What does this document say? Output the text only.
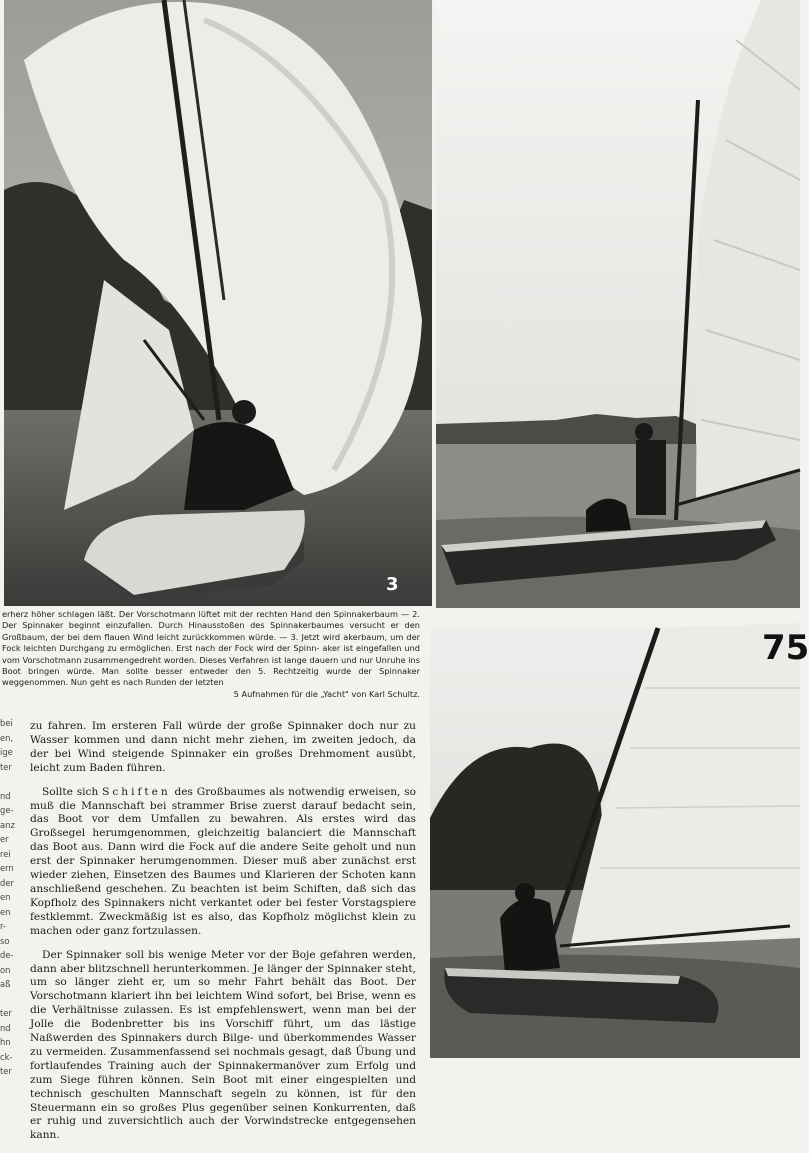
3
75
erherz höher schlagen läßt. Der Vorschotmann lüftet mit der rechten Hand den Spinnakerbaum — 2. Der Spinnaker beginnt einzufallen. Durch Hinausstoßen des Spinnakerbaumes versucht er den Großbaum, der bei dem flauen Wind leicht zurückkommen würde. — 3. Jetzt wird akerbaum, um der Fock leichten Durchgang zu ermöglichen. Erst nach der Fock wird der Spinn- aker ist eingefallen und vom Vorschotmann zusammengedreht worden. Dieses Verfahren ist lange dauern und nur Unruhe ins Boot bringen würde. Man sollte besser entweder den 5. Rechtzeitig wurde der Spinnaker weggenommen. Nun geht es nach Runden der letzten
5 Aufnahmen für die „Yacht" von Karl Schultz.
bei
en,
ige
ter

nd
ge-
anz
er
rei
ern
der
en
en
r-
so
de-
on
aß

ter
nd
hn
ck-
ter

zu fahren. Im ersteren Fall würde der große Spinnaker doch nur zu Wasser kommen und dann nicht mehr ziehen, im zweiten jedoch, da der bei Wind steigende Spinnaker ein großes Drehmoment ausübt, leicht zum Baden führen.

Sollte sich Schiften des Großbaumes als notwendig erweisen, so muß die Mannschaft bei strammer Brise zuerst darauf bedacht sein, das Boot vor dem Umfallen zu bewahren. Als erstes wird das Großsegel herumgenommen, gleichzeitig balanciert die Mannschaft das Boot aus. Dann wird die Fock auf die andere Seite geholt und nun erst der Spinnaker herumgenommen. Dieser muß aber zunächst erst wieder ziehen, Einsetzen des Baumes und Klarieren der Schoten kann anschließend geschehen. Zu beachten ist beim Schiften, daß sich das Kopfholz des Spinnakers nicht verkantet oder bei fester Vorstagspiere festklemmt. Zweckmäßig ist es also, das Kopfholz möglichst klein zu machen oder ganz fortzulassen.

Der Spinnaker soll bis wenige Meter vor der Boje gefahren werden, dann aber blitzschnell herunterkommen. Je länger der Spinnaker steht, um so länger zieht er, um so mehr Fahrt behält das Boot. Der Vorschotmann klariert ihn bei leichtem Wind sofort, bei Brise, wenn es die Verhältnisse zulassen. Es ist empfehlenswert, wenn man bei der Jolle die Bodenbretter bis ins Vorschiff führt, um das lästige Naßwerden des Spinnakers durch Bilge- und überkommendes Wasser zu vermeiden. Zusammenfassend sei nochmals gesagt, daß Übung und fortlaufendes Training auch der Spinnakermanöver zum Erfolg und zum Siege führen können. Sein Boot mit einer eingespielten und technisch geschulten Mannschaft segeln zu können, ist für den Steuermann ein so großes Plus gegenüber seinen Konkurrenten, daß er ruhig und zuversichtlich auch der Vorwindstrecke entgegensehen kann.
